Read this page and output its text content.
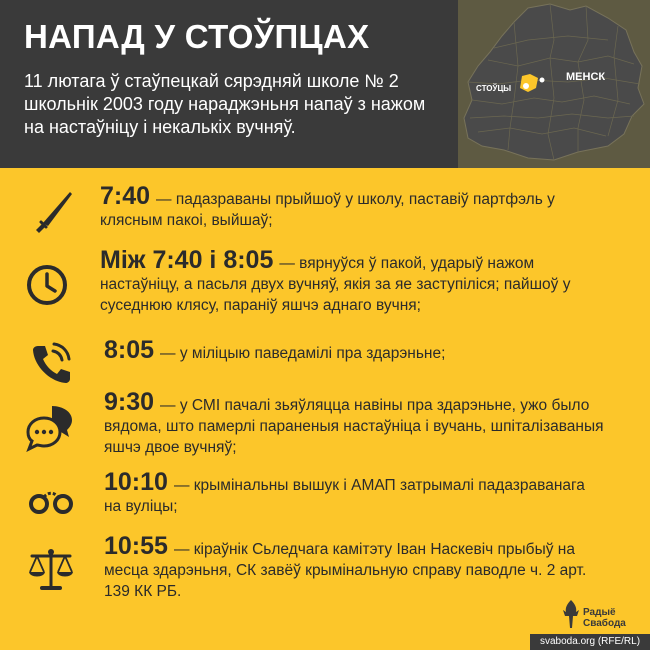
НАПАД У СТОЎПЦАХ
11 лютага ў стаўпецкай сярэдняй школе № 2 школьнік 2003 году нараджэньня напаў з нажом на настаўніцу і некалькіх вучняў.
МЕНСК
СТОЎЦЫ
7:40 — падазраваны прыйшоў у школу, паставіў партфэль у клясным пакоі, выйшаў;
Між 7:40 і 8:05 — вярнуўся ў пакой, ударыў нажом настаўніцу, а пасьля двух вучняў, якія за яе заступіліся; пайшоў у суседнюю клясу, параніў яшчэ аднаго вучня;
8:05 — у міліцыю паведамілі пра здарэньне;
9:30 — у СМІ пачалі зьяўляцца навіны пра здарэньне, ужо было вядома, што памерлі параненыя настаўніца і вучань, шпіталізаваныя яшчэ двое вучняў;
10:10 — крымінальны вышук і АМАП затрымалі падазраванага на вуліцы;
10:55 — кіраўнік Сьледчага камітэту Іван Наскевіч прыбыў на месца здарэньня, СК завёў крымінальную справу паводле ч. 2 арт. 139 КК РБ.
Радыё
Свабода
svaboda.org (RFE/RL)
